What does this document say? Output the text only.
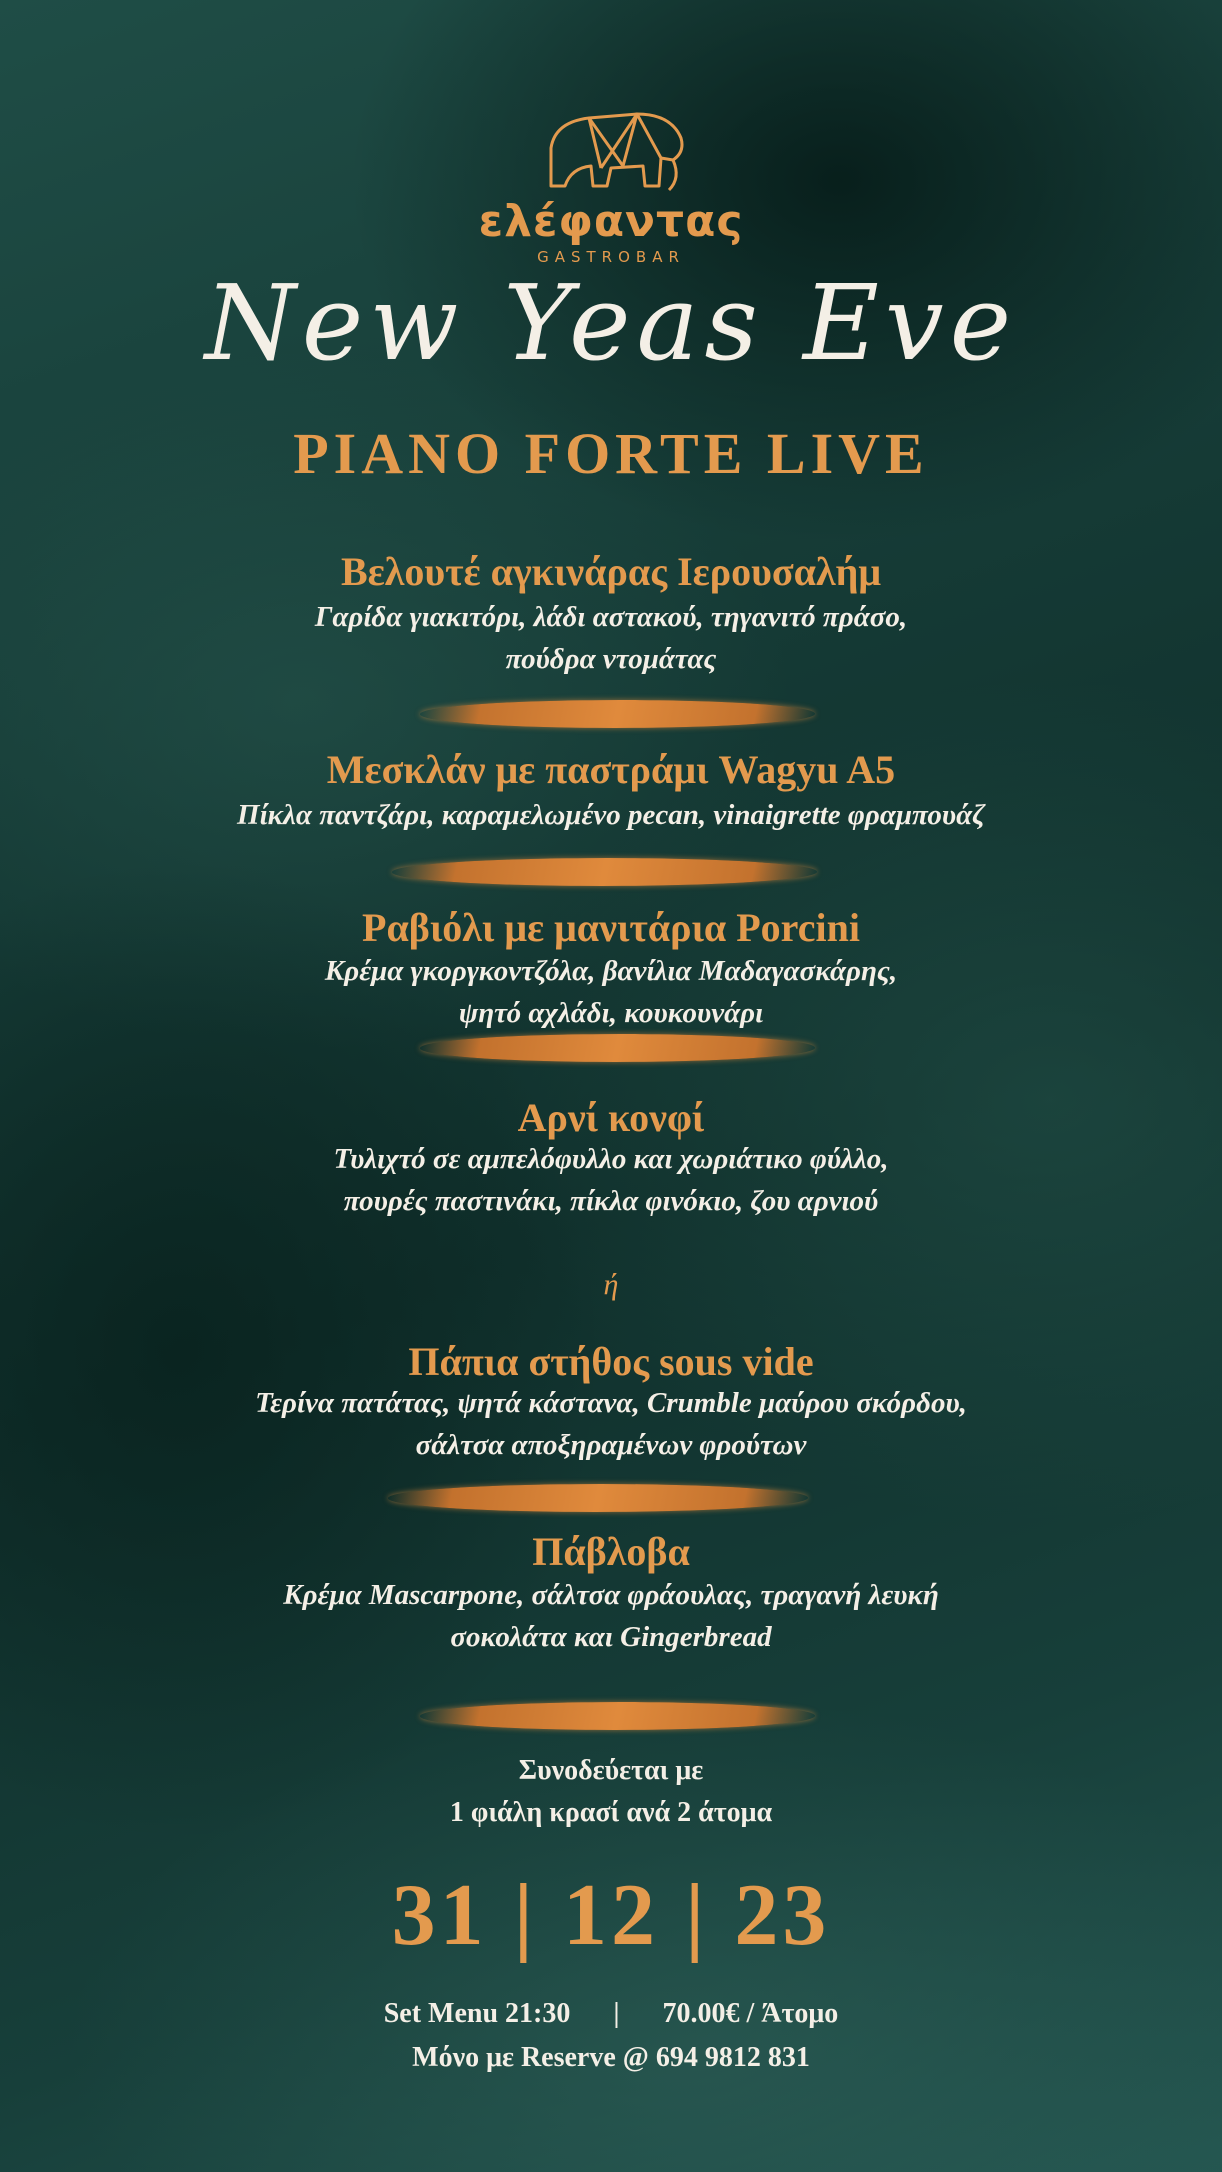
ελέφαντας
GASTROBAR
New Yeas Eve
PIANO FORTE LIVE
Βελουτέ αγκινάρας Ιερουσαλήμ
Γαρίδα γιακιτόρι, λάδι αστακού, τηγανιτό πράσο,
πούδρα ντομάτας
Μεσκλάν με παστράμι Wagyu A5
Πίκλα παντζάρι, καραμελωμένο pecan, vinaigrette φραμπουάζ
Ραβιόλι με μανιτάρια Porcini
Κρέμα γκοργκοντζόλα, βανίλια Μαδαγασκάρης,
ψητό αχλάδι, κουκουνάρι
Αρνί κονφί
Τυλιχτό σε αμπελόφυλλο και χωριάτικο φύλλο,
πουρές παστινάκι, πίκλα φινόκιο, ζου αρνιού
ή
Πάπια στήθος sous vide
Τερίνα πατάτας, ψητά κάστανα, Crumble μαύρου σκόρδου,
σάλτσα αποξηραμένων φρούτων
Πάβλοβα
Κρέμα Mascarpone, σάλτσα φράουλας, τραγανή λευκή
σοκολάτα και Gingerbread
Συνοδεύεται με
1 φιάλη κρασί ανά 2 άτομα
31 | 12 | 23
Set Menu 21:30 | 70.00€ / Άτομο
Μόνο με Reserve @ 694 9812 831
